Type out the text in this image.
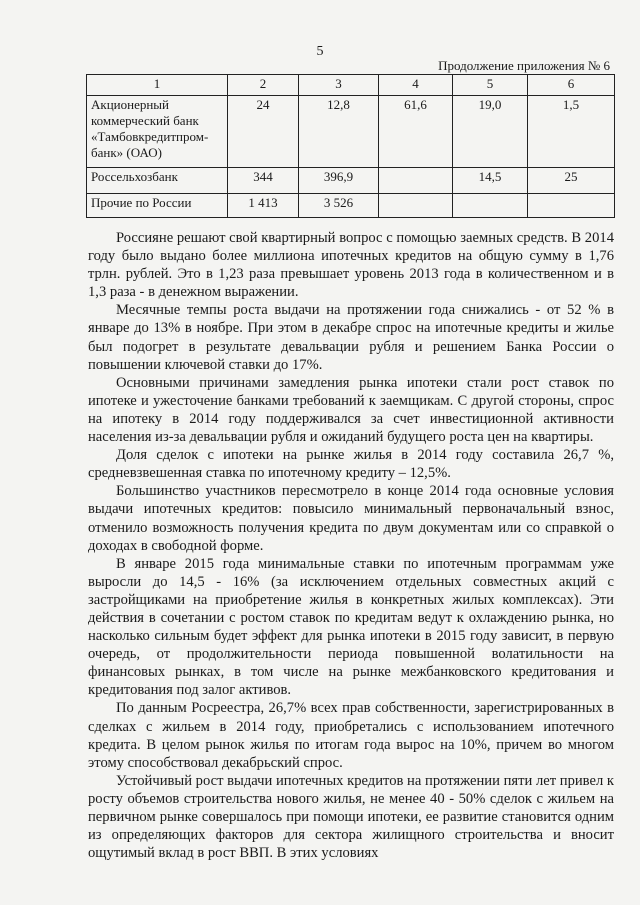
5
Продолжение приложения № 6
1	2	3	4	5	6

Акционерный
коммерческий банк
«Тамбовкредитпром-
банк» (ОАО)	24	12,8	61,6	19,0	1,5

Россельхозбанк	344	396,9		14,5	25

Прочие по России	1 413	3 526			

Россияне решают свой квартирный вопрос с помощью заемных средств. В 2014 году было выдано более миллиона ипотечных кредитов на общую сумму в 1,76 трлн. рублей. Это в 1,23 раза превышает уровень 2013 года в количественном и в 1,3 раза - в денежном выражении.

Месячные темпы роста выдачи на протяжении года снижались - от 52 % в январе до 13% в ноябре. При этом в декабре спрос на ипотечные кредиты и жилье был подогрет в результате девальвации рубля и решением Банка России о повышении ключевой ставки до 17%.

Основными причинами замедления рынка ипотеки стали рост ставок по ипотеке и ужесточение банками требований к заемщикам. С другой стороны, спрос на ипотеку в 2014 году поддерживался за счет инвестиционной активности населения из-за девальвации рубля и ожиданий будущего роста цен на квартиры.

Доля сделок с ипотеки на рынке жилья в 2014 году составила 26,7 %, средневзвешенная ставка по ипотечному кредиту – 12,5%.

Большинство участников пересмотрело в конце 2014 года основные условия выдачи ипотечных кредитов: повысило минимальный первоначальный взнос, отменило возможность получения кредита по двум документам или со справкой о доходах в свободной форме.

В январе 2015 года минимальные ставки по ипотечным программам уже выросли до 14,5 - 16% (за исключением отдельных совместных акций с застройщиками на приобретение жилья в конкретных жилых комплексах). Эти действия в сочетании с ростом ставок по кредитам ведут к охлаждению рынка, но насколько сильным будет эффект для рынка ипотеки в 2015 году зависит, в первую очередь, от продолжительности периода повышенной волатильности на финансовых рынках, в том числе на рынке межбанковского кредитования и кредитования под залог активов.

По данным Росреестра, 26,7% всех прав собственности, зарегистрированных в сделках с жильем в 2014 году, приобретались с использованием ипотечного кредита. В целом рынок жилья по итогам года вырос на 10%, причем во многом этому способствовал декабрьский спрос.

Устойчивый рост выдачи ипотечных кредитов на протяжении пяти лет привел к росту объемов строительства нового жилья, не менее 40 - 50% сделок с жильем на первичном рынке совершалось при помощи ипотеки, ее развитие становится одним из определяющих факторов для сектора жилищного строительства и вносит ощутимый вклад в рост ВВП. В этих условиях
